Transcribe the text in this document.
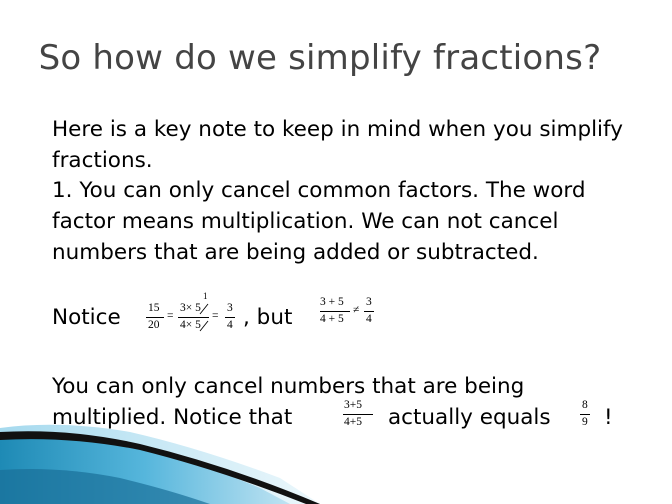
So how do we simplify fractions?
Here is a key note to keep in mind when you simplify fractions.
1. You can only cancel common factors. The word factor means multiplication. We can not cancel numbers that are being added or subtracted.
Notice 15
20
=
1
3× 5
4× 5
=
3
4 , but
3 + 5
4 + 5
≠
3
4
You can only cancel numbers that are being
multiplied. Notice that	3+5
4+5 actually equals	8
9 !
